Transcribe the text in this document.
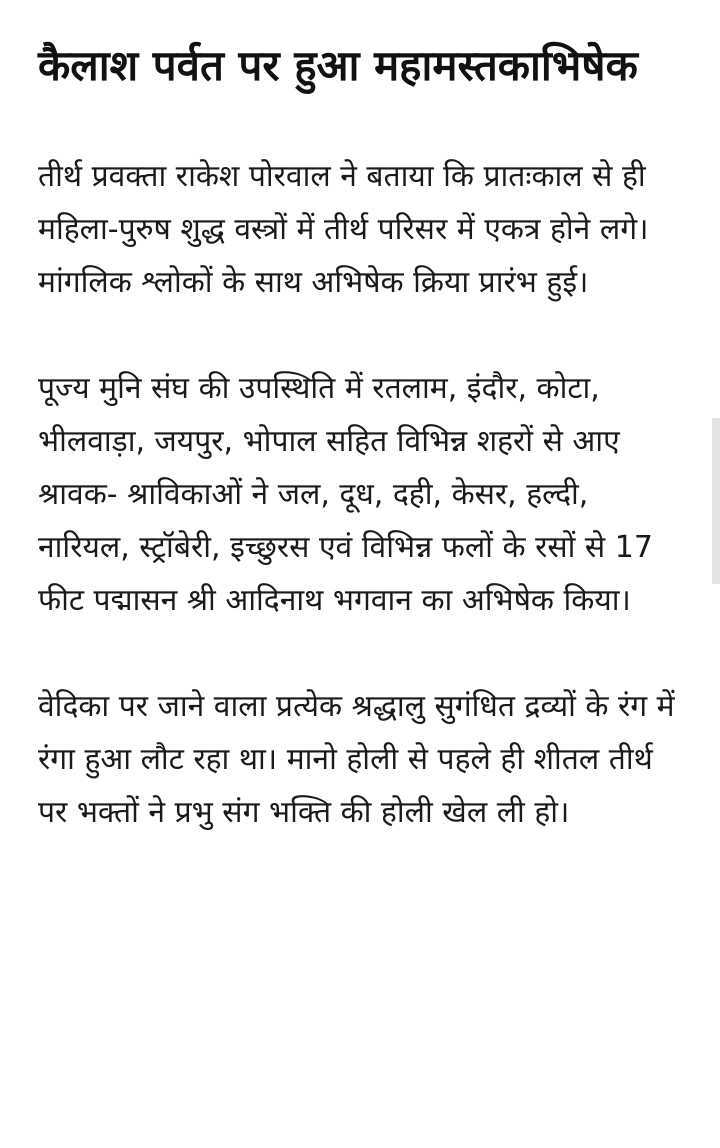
कैलाश पर्वत पर हुआ महामस्तकाभिषेक

तीर्थ प्रवक्ता राकेश पोरवाल ने बताया कि प्रातःकाल से ही महिला-पुरुष शुद्ध वस्त्रों में तीर्थ परिसर में एकत्र होने लगे। मांगलिक श्लोकों के साथ अभिषेक क्रिया प्रारंभ हुई।

पूज्य मुनि संघ की उपस्थिति में रतलाम, इंदौर, कोटा, भीलवाड़ा, जयपुर, भोपाल सहित विभिन्न शहरों से आए श्रावक- श्राविकाओं ने जल, दूध, दही, केसर, हल्दी, नारियल, स्ट्रॉबेरी, इच्छुरस एवं विभिन्न फलों के रसों से 17 फीट पद्मासन श्री आदिनाथ भगवान का अभिषेक किया।

वेदिका पर जाने वाला प्रत्येक श्रद्धालु सुगंधित द्रव्यों के रंग में रंगा हुआ लौट रहा था। मानो होली से पहले ही शीतल तीर्थ पर भक्तों ने प्रभु संग भक्ति की होली खेल ली हो।
